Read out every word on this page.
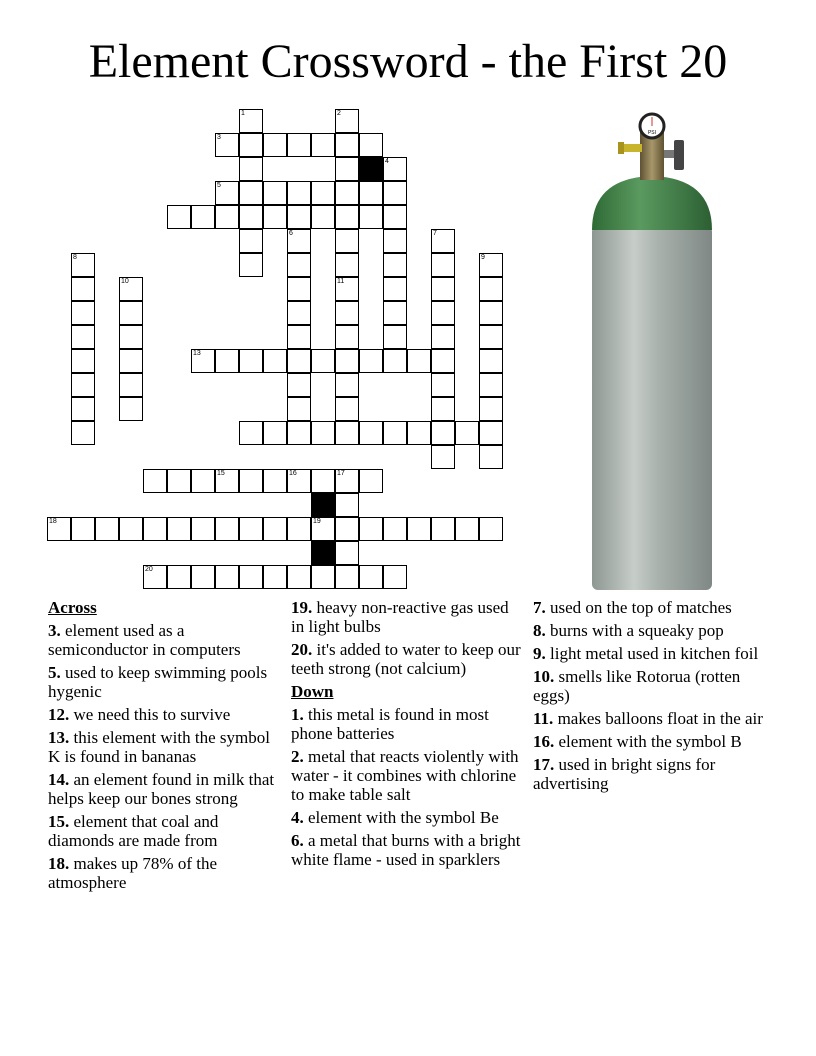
Element Crossword - the First 20
3
5
13
15	16	17
19
18
20
1	2
4
6	7
8	9
10	11

Across

3. element used as a semiconductor in computers

5. used to keep swimming pools hygenic

12. we need this to survive

13. this element with the symbol K is found in bananas

14. an element found in milk that helps keep our bones strong

15. element that coal and diamonds are made from

18. makes up 78% of the atmosphere

19. heavy non-reactive gas used in light bulbs

20. it's added to water to keep our teeth strong (not calcium)

Down

1. this metal is found in most phone batteries

2. metal that reacts violently with water - it combines with chlorine to make table salt

4. element with the symbol Be

6. a metal that burns with a bright white flame - used in sparklers

7. used on the top of matches

8. burns with a squeaky pop

9. light metal used in kitchen foil

10. smells like Rotorua (rotten eggs)

11. makes balloons float in the air

16. element with the symbol B

17. used in bright signs for advertising

PSI
